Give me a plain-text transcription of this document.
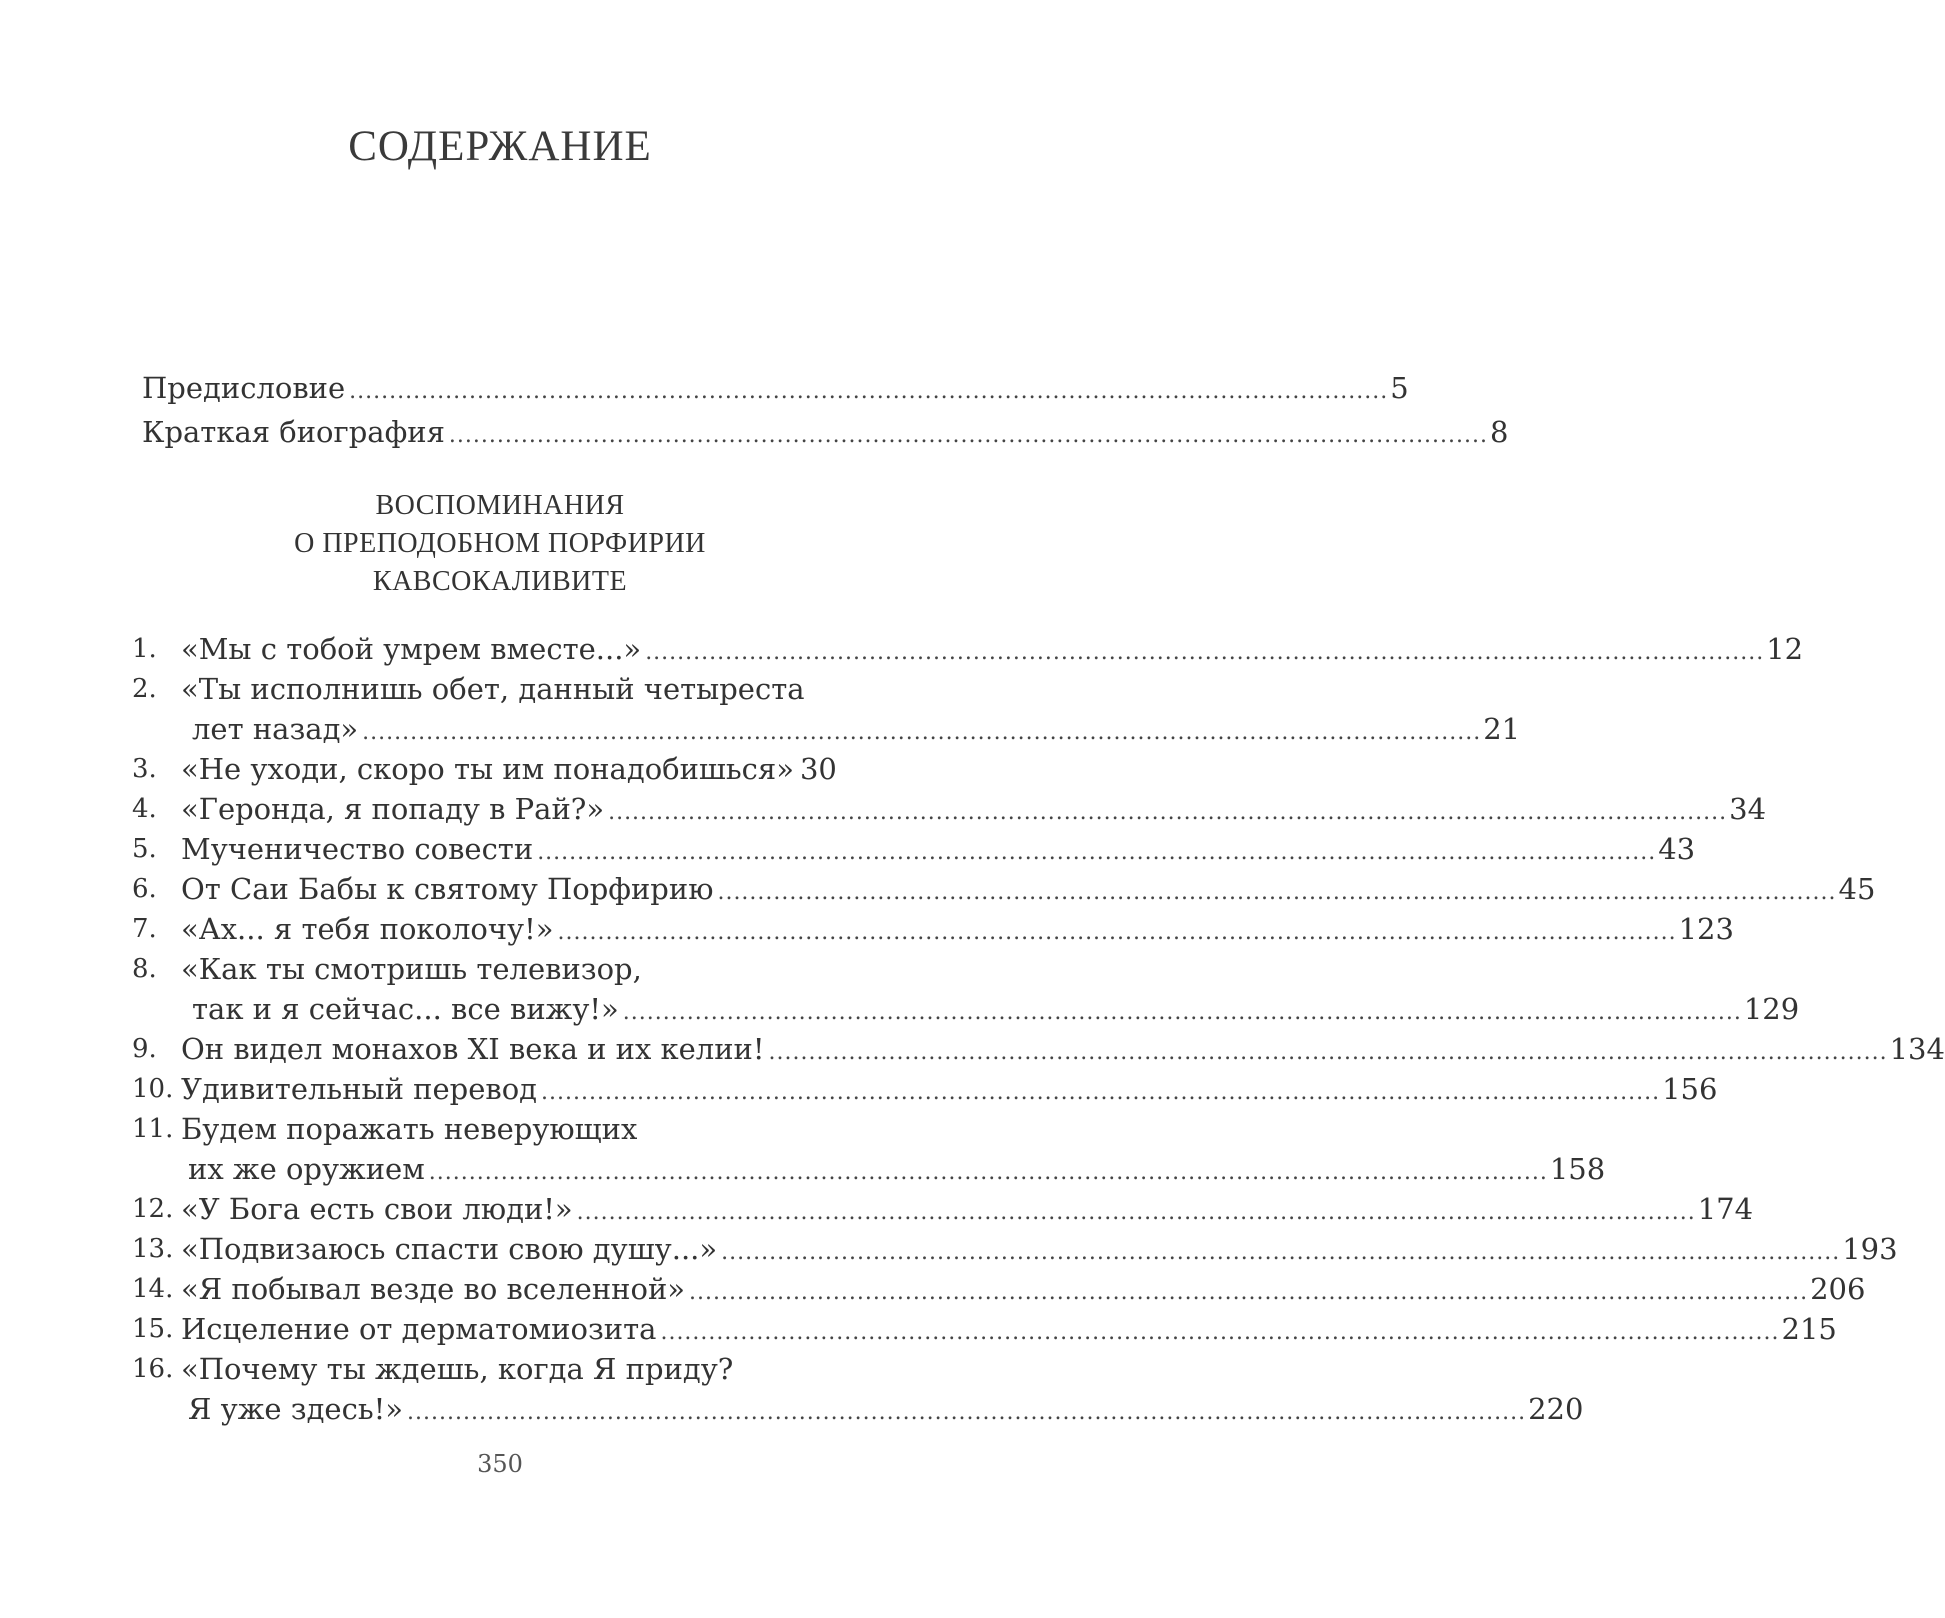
СОДЕРЖАНИЕ
Предисловие .................................................................................................................................. 5
Краткая биография .................................................................................................................................. 8
ВОСПОМИНАНИЯ
О ПРЕПОДОБНОМ ПОРФИРИИ
КАВСОКАЛИВИТЕ
1. «Мы с тобой умрем вместе...» ............................................................................................................................................ 12
2. «Ты исполнишь обет, данный четыреста
лет назад» ............................................................................................................................................ 21
3. «Не уходи, скоро ты им понадобишься» 30
4. «Геронда, я попаду в Рай?» ............................................................................................................................................ 34
5. Мученичество совести ............................................................................................................................................ 43
6. От Саи Бабы к святому Порфирию ............................................................................................................................................ 45
7. «Ах... я тебя поколочу!» ............................................................................................................................................ 123
8. «Как ты смотришь телевизор,
так и я сейчас... все вижу!» ............................................................................................................................................ 129
9. Он видел монахов XI века и их келии! ............................................................................................................................................ 134
10. Удивительный перевод ............................................................................................................................................ 156
11. Будем поражать неверующих
их же оружием ............................................................................................................................................ 158
12. «У Бога есть свои люди!» ............................................................................................................................................ 174
13. «Подвизаюсь спасти свою душу...» ............................................................................................................................................ 193
14. «Я побывал везде во вселенной» ............................................................................................................................................ 206
15. Исцеление от дерматомиозита ............................................................................................................................................ 215
16. «Почему ты ждешь, когда Я приду?
Я уже здесь!» ............................................................................................................................................ 220
350
